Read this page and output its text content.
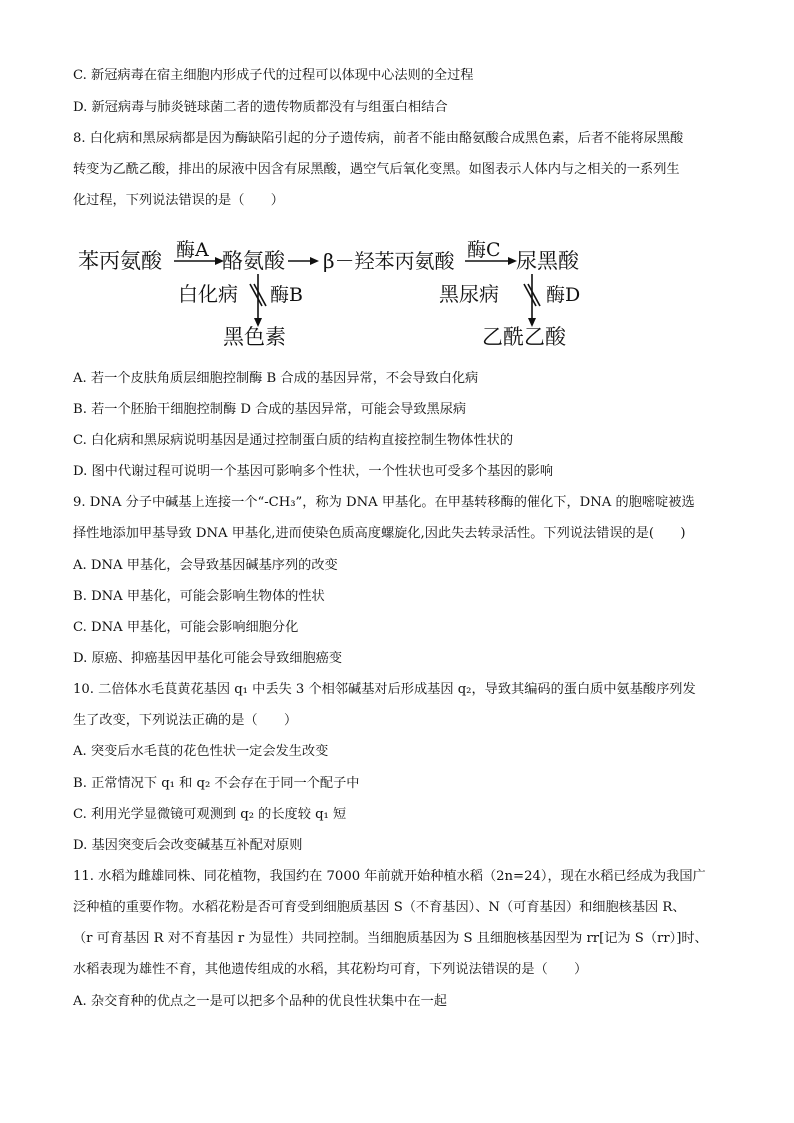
C. 新冠病毒在宿主细胞内形成子代的过程可以体现中心法则的全过程
D. 新冠病毒与肺炎链球菌二者的遗传物质都没有与组蛋白相结合
8. 白化病和黑尿病都是因为酶缺陷引起的分子遗传病，前者不能由酪氨酸合成黑色素，后者不能将尿黑酸
转变为乙酰乙酸，排出的尿液中因含有尿黑酸，遇空气后氧化变黑。如图表示人体内与之相关的一系列生
化过程，下列说法错误的是（　　）
苯丙氨酸 酶A 酪氨酸 β－羟苯丙氨酸 酶C 尿黑酸
白化病 酶B
黑色素
黑尿病 酶D
乙酰乙酸
A. 若一个皮肤角质层细胞控制酶 B 合成的基因异常，不会导致白化病
B. 若一个胚胎干细胞控制酶 D 合成的基因异常，可能会导致黑尿病
C. 白化病和黑尿病说明基因是通过控制蛋白质的结构直接控制生物体性状的
D. 图中代谢过程可说明一个基因可影响多个性状，一个性状也可受多个基因的影响
9. DNA 分子中碱基上连接一个“-CH₃”，称为 DNA 甲基化。在甲基转移酶的催化下，DNA 的胞嘧啶被选
择性地添加甲基导致 DNA 甲基化,进而使染色质高度螺旋化,因此失去转录活性。下列说法错误的是(　　)
A. DNA 甲基化，会导致基因碱基序列的改变
B. DNA 甲基化，可能会影响生物体的性状
C. DNA 甲基化，可能会影响细胞分化
D. 原癌、抑癌基因甲基化可能会导致细胞癌变
10. 二倍体水毛茛黄花基因 q₁ 中丢失 3 个相邻碱基对后形成基因 q₂，导致其编码的蛋白质中氨基酸序列发
生了改变，下列说法正确的是（　　）
A. 突变后水毛茛的花色性状一定会发生改变
B. 正常情况下 q₁ 和 q₂ 不会存在于同一个配子中
C. 利用光学显微镜可观测到 q₂ 的长度较 q₁ 短
D. 基因突变后会改变碱基互补配对原则
11. 水稻为雌雄同株、同花植物，我国约在 7000 年前就开始种植水稻（2n=24），现在水稻已经成为我国广
泛种植的重要作物。水稻花粉是否可育受到细胞质基因 S（不育基因）、N（可育基因）和细胞核基因 R、
（r 可育基因 R 对不育基因 r 为显性）共同控制。当细胞质基因为 S 且细胞核基因型为 rr[记为 S（rr）]时、
水稻表现为雄性不育，其他遗传组成的水稻，其花粉均可育，下列说法错误的是（　　）
A. 杂交育种的优点之一是可以把多个品种的优良性状集中在一起
